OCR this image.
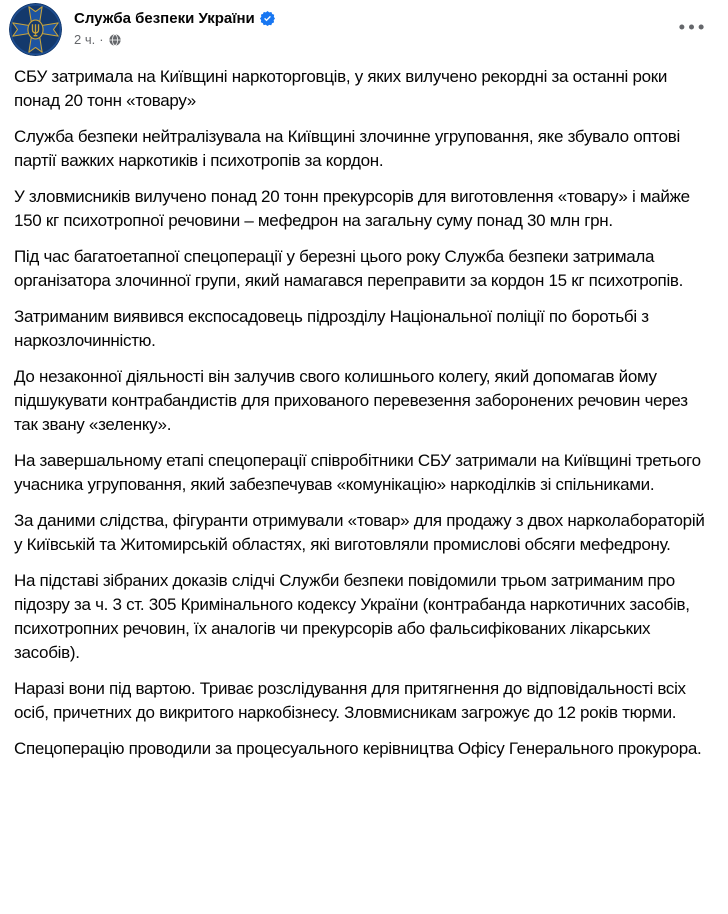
Служба безпеки України
2 ч. ·

СБУ затримала на Київщині наркоторговців, у яких вилучено рекордні за останні роки понад 20 тонн «товару»

Служба безпеки нейтралізувала на Київщині злочинне угруповання, яке збувало оптові партії важких наркотиків і психотропів за кордон.

У зловмисників вилучено понад 20 тонн прекурсорів для виготовлення «товару» і майже 150 кг психотропної речовини – мефедрон на загальну суму понад 30 млн грн.

Під час багатоетапної спецоперації у березні цього року Служба безпеки затримала організатора злочинної групи, який намагався переправити за кордон 15 кг психотропів.

Затриманим виявився експосадовець підрозділу Національної поліції по боротьбі з наркозлочинністю.

До незаконної діяльності він залучив свого колишнього колегу, який допомагав йому підшукувати контрабандистів для прихованого перевезення заборонених речовин через так звану «зеленку».

На завершальному етапі спецоперації співробітники СБУ затримали на Київщині третього учасника угруповання, який забезпечував «комунікацію» наркоділків зі спільниками.

За даними слідства, фігуранти отримували «товар» для продажу з двох нарколабораторій у Київській та Житомирській областях, які виготовляли промислові обсяги мефедрону.

На підставі зібраних доказів слідчі Служби безпеки повідомили трьом затриманим про підозру за ч. 3 ст. 305 Кримінального кодексу України (контрабанда наркотичних засобів, психотропних речовин, їх аналогів чи прекурсорів або фальсифікованих лікарських засобів).

Наразі вони під вартою. Триває розслідування для притягнення до відповідальності всіх осіб, причетних до викритого наркобізнесу. Зловмисникам загрожує до 12 років тюрми.

Спецоперацію проводили за процесуального керівництва Офісу Генерального прокурора.
